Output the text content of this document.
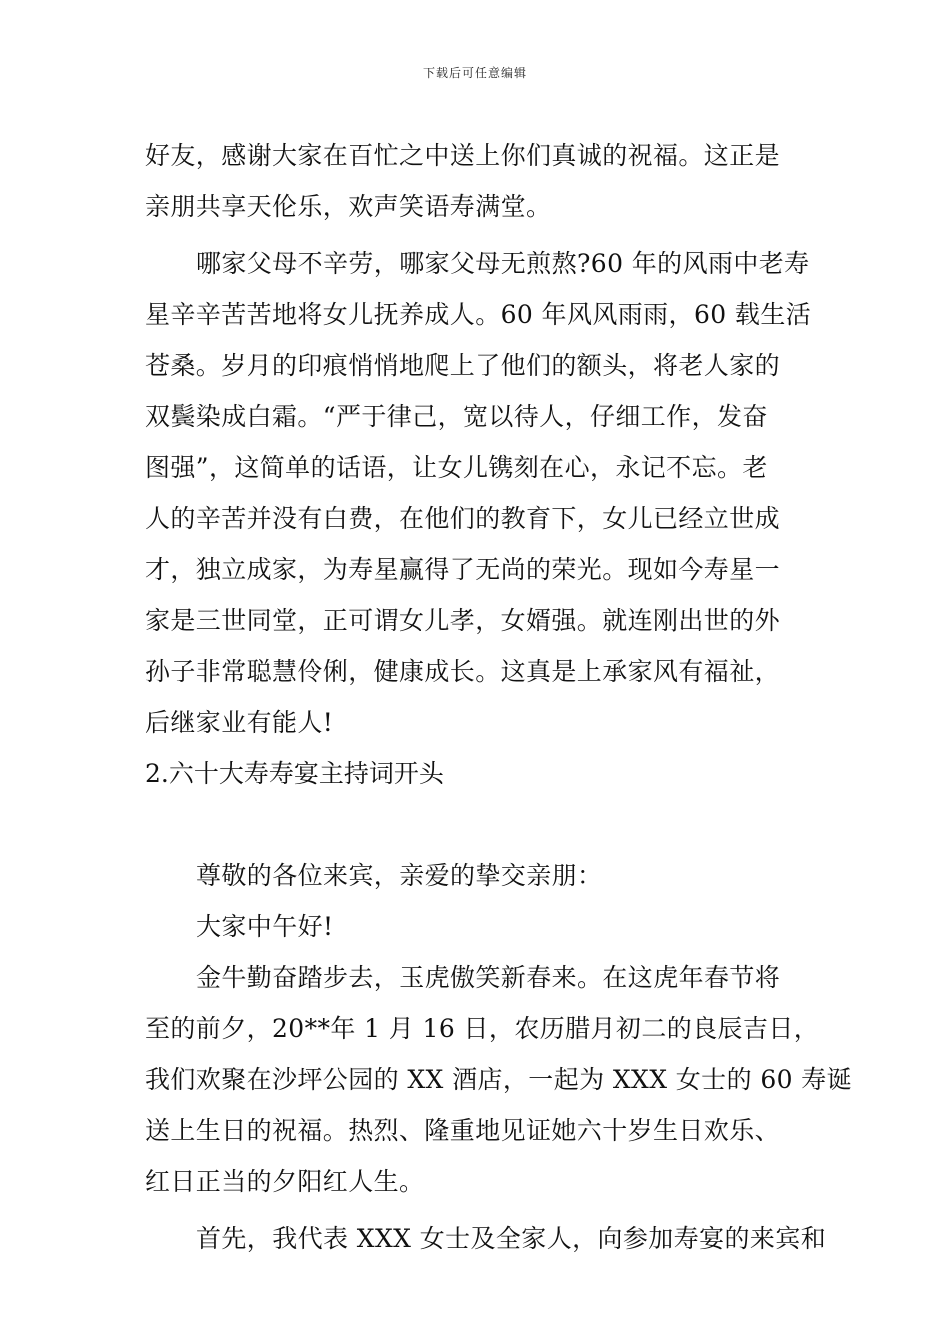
下载后可任意编辑
好友，感谢大家在百忙之中送上你们真诚的祝福。这正是
亲朋共享天伦乐，欢声笑语寿满堂。
哪家父母不辛劳，哪家父母无煎熬?60 年的风雨中老寿
星辛辛苦苦地将女儿抚养成人。60 年风风雨雨，60 载生活
苍桑。岁月的印痕悄悄地爬上了他们的额头，将老人家的
双鬓染成白霜。“严于律己，宽以待人，仔细工作，发奋
图强”，这简单的话语，让女儿镌刻在心，永记不忘。老
人的辛苦并没有白费，在他们的教育下，女儿已经立世成
才，独立成家，为寿星赢得了无尚的荣光。现如今寿星一
家是三世同堂，正可谓女儿孝，女婿强。就连刚出世的外
孙子非常聪慧伶俐，健康成长。这真是上承家风有福祉，
后继家业有能人!
2.六十大寿寿宴主持词开头
尊敬的各位来宾，亲爱的挚交亲朋：
大家中午好!
金牛勤奋踏步去，玉虎傲笑新春来。在这虎年春节将
至的前夕，20**年 1 月 16 日，农历腊月初二的良辰吉日，
我们欢聚在沙坪公园的 XX 酒店，一起为 XXX 女士的 60 寿诞
送上生日的祝福。热烈、隆重地见证她六十岁生日欢乐、
红日正当的夕阳红人生。
首先，我代表 XXX 女士及全家人，向参加寿宴的来宾和
